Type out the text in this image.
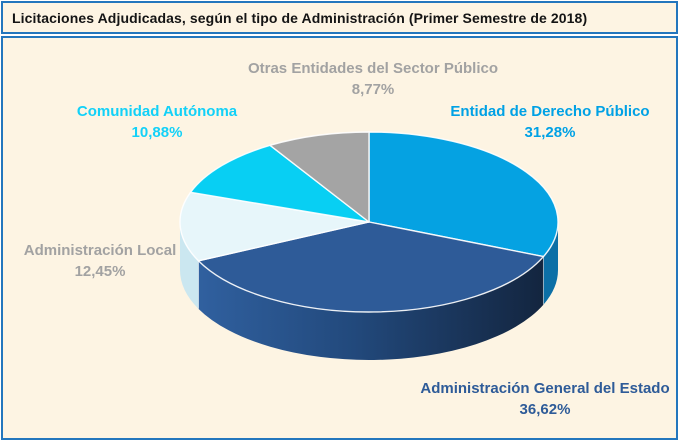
Licitaciones Adjudicadas, según el tipo de Administración (Primer Semestre de 2018)
Otras Entidades del Sector Público
8,77%
Entidad de Derecho Público
31,28%
Comunidad Autónoma
10,88%
Administración Local
12,45%
Administración General del Estado
36,62%
